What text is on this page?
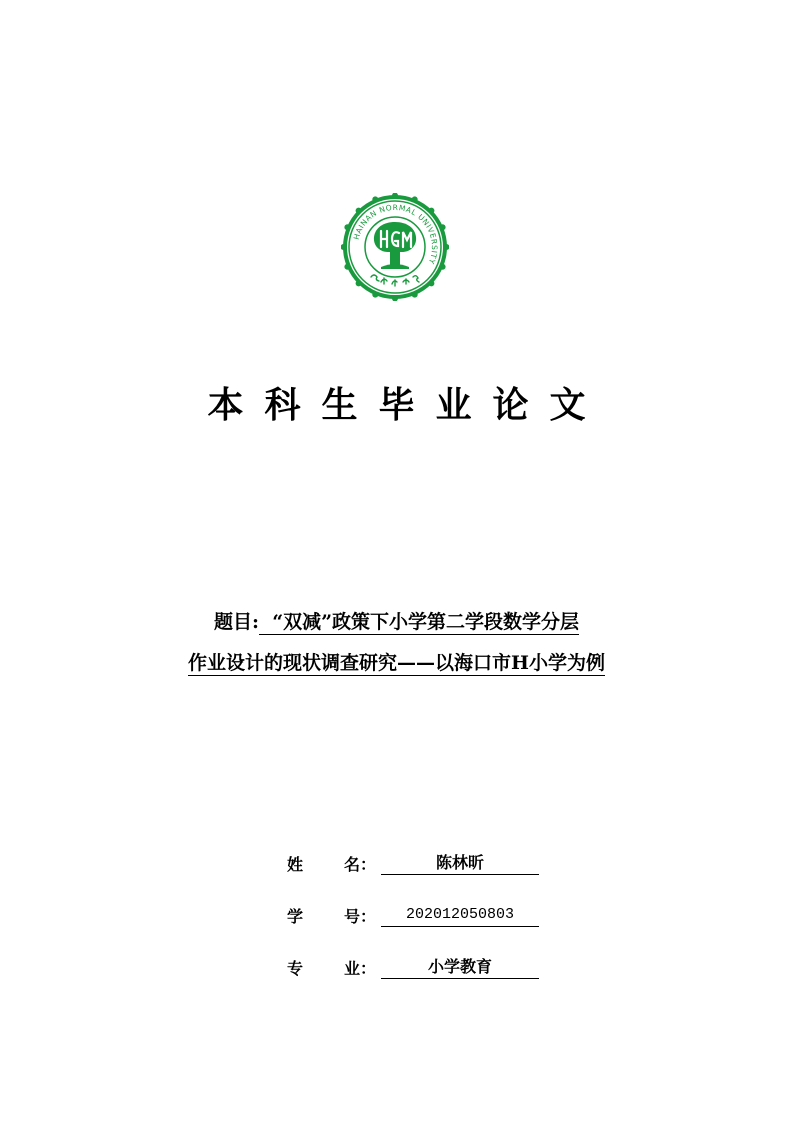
HAINAN NORMAL UNIVERSITY
本科生毕业论文
题目: “双减”政策下小学第二学段数学分层
作业设计的现状调查研究——以海口市H小学为例
姓	名：	陈林昕
学	号：	202012050803
专	业：	小学教育
